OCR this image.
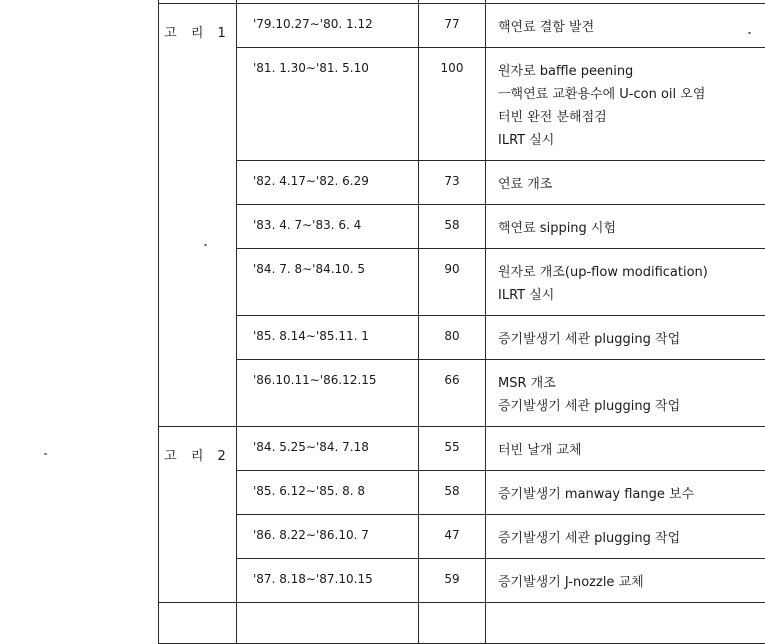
고 리 1	'79.10.27∼'80. 1.12	77	핵연료 결함 발견

	'81. 1.30∼'81. 5.10	100	원자로 baffle peening
ㅡ핵연료 교환용수에 U-con oil 오염
터빈 완전 분해점검
ILRT 실시

	'82. 4.17∼'82. 6.29	73	연료 개조

	'83. 4. 7∼'83. 6. 4	58	핵연료 sipping 시험

	'84. 7. 8∼'84.10. 5	90	원자로 개조(up-flow modification)
ILRT 실시

	'85. 8.14∼'85.11. 1	80	증기발생기 세관 plugging 작업

	'86.10.11∼'86.12.15	66	MSR 개조
증기발생기 세관 plugging 작업

고 리 2	'84. 5.25∼'84. 7.18	55	터빈 날개 교체

	'85. 6.12∼'85. 8. 8	58	증기발생기 manway flange 보수

	'86. 8.22∼'86.10. 7	47	증기발생기 세관 plugging 작업

	'87. 8.18∼'87.10.15	59	증기발생기 J-nozzle 교체
